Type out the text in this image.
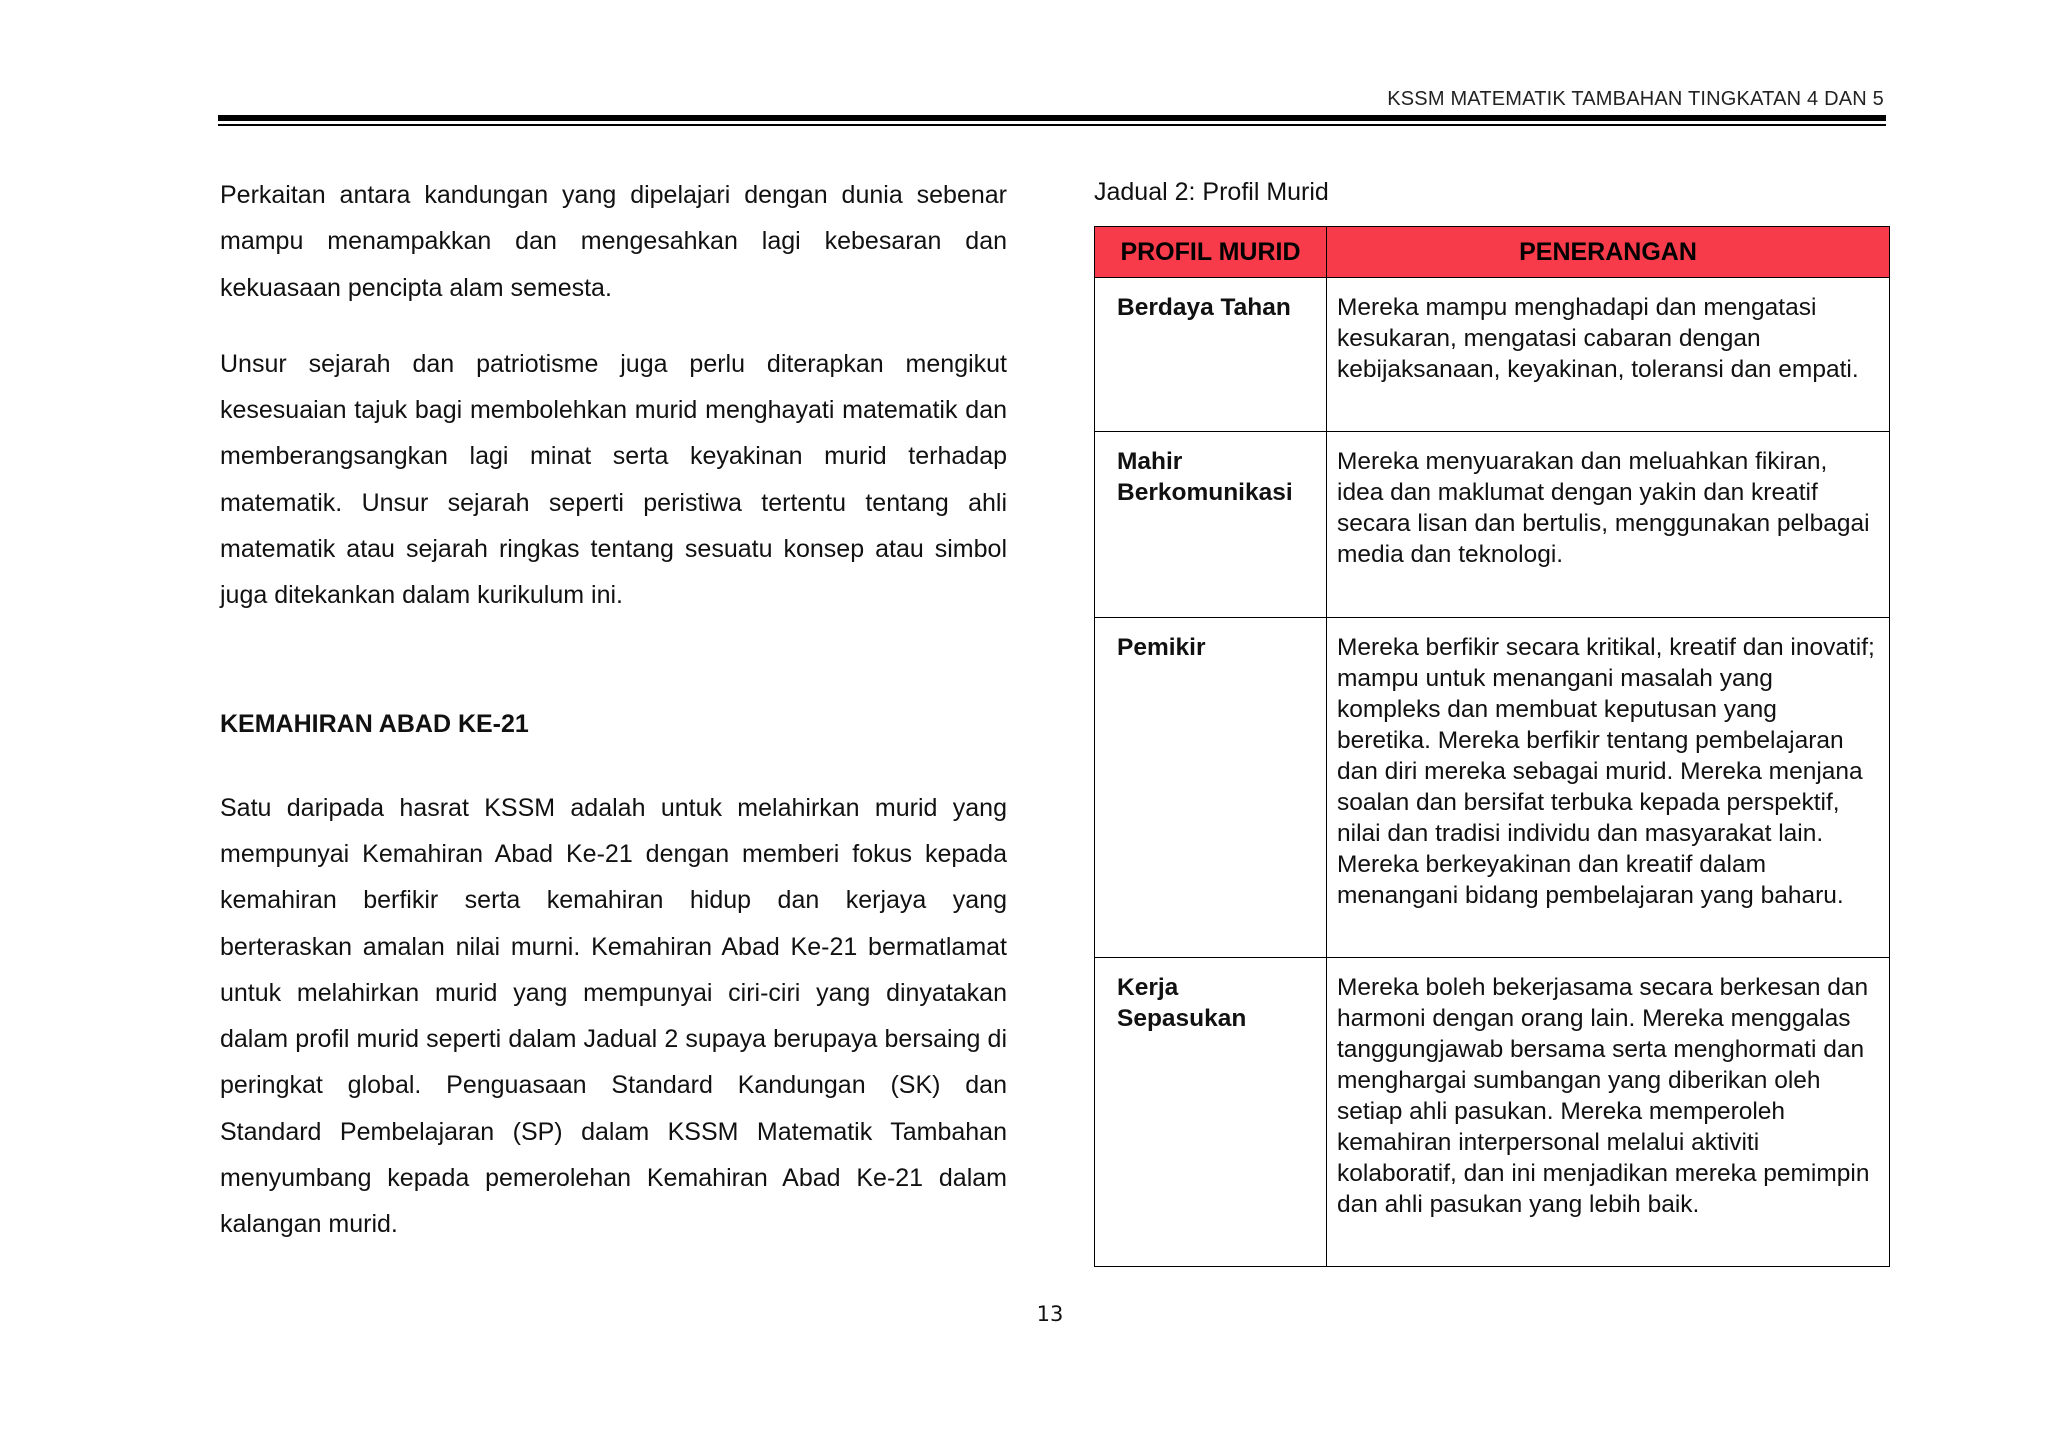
KSSM MATEMATIK TAMBAHAN TINGKATAN 4 DAN 5

Perkaitan antara kandungan yang dipelajari dengan dunia sebenar mampu menampakkan dan mengesahkan lagi kebesaran dan kekuasaan pencipta alam semesta.

Unsur sejarah dan patriotisme juga perlu diterapkan mengikut kesesuaian tajuk bagi membolehkan murid menghayati matematik dan memberangsangkan lagi minat serta keyakinan murid terhadap matematik. Unsur sejarah seperti peristiwa tertentu tentang ahli matematik atau sejarah ringkas tentang sesuatu konsep atau simbol juga ditekankan dalam kurikulum ini.

KEMAHIRAN ABAD KE-21

Satu daripada hasrat KSSM adalah untuk melahirkan murid yang mempunyai Kemahiran Abad Ke-21 dengan memberi fokus kepada kemahiran berfikir serta kemahiran hidup dan kerjaya yang berteraskan amalan nilai murni. Kemahiran Abad Ke-21 bermatlamat untuk melahirkan murid yang mempunyai ciri-ciri yang dinyatakan dalam profil murid seperti dalam Jadual 2 supaya berupaya bersaing di peringkat global. Penguasaan Standard Kandungan (SK) dan Standard Pembelajaran (SP) dalam KSSM Matematik Tambahan menyumbang kepada pemerolehan Kemahiran Abad Ke-21 dalam kalangan murid.

Jadual 2: Profil Murid
PROFIL MURID	PENERANGAN
Berdaya Tahan	Mereka mampu menghadapi dan mengatasi kesukaran, mengatasi cabaran dengan kebijaksanaan, keyakinan, toleransi dan empati.
Mahir Berkomunikasi	Mereka menyuarakan dan meluahkan fikiran, idea dan maklumat dengan yakin dan kreatif secara lisan dan bertulis, menggunakan pelbagai media dan teknologi.
Pemikir	Mereka berfikir secara kritikal, kreatif dan inovatif; mampu untuk menangani masalah yang kompleks dan membuat keputusan yang beretika. Mereka berfikir tentang pembelajaran dan diri mereka sebagai murid. Mereka menjana soalan dan bersifat terbuka kepada perspektif, nilai dan tradisi individu dan masyarakat lain. Mereka berkeyakinan dan kreatif dalam menangani bidang pembelajaran yang baharu.
Kerja Sepasukan	Mereka boleh bekerjasama secara berkesan dan harmoni dengan orang lain. Mereka menggalas tanggungjawab bersama serta menghormati dan menghargai sumbangan yang diberikan oleh setiap ahli pasukan. Mereka memperoleh kemahiran interpersonal melalui aktiviti kolaboratif, dan ini menjadikan mereka pemimpin dan ahli pasukan yang lebih baik.
13
